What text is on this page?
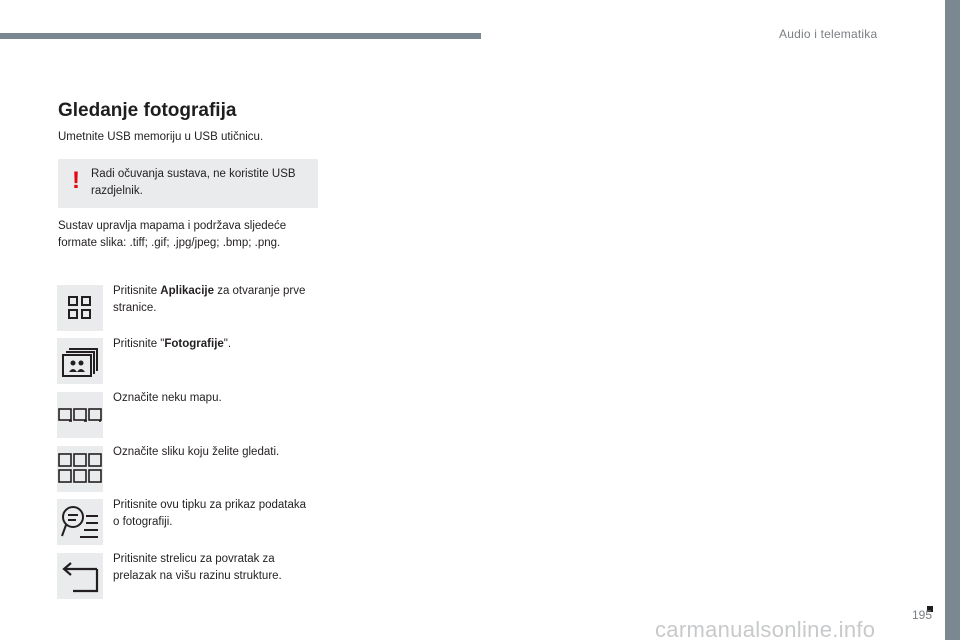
Audio i telematika
Gledanje fotografija

Umetnite USB memoriju u USB utičnicu.

! Radi očuvanja sustava, ne koristite USB razdjelnik.

Sustav upravlja mapama i podržava sljedeće formate slika: .tiff; .gif; .jpg/jpeg; .bmp; .png.

Pritisnite Aplikacije za otvaranje prve stranice.
Pritisnite "Fotografije".
Označite neku mapu.
Označite sliku koju želite gledati.
Pritisnite ovu tipku za prikaz podataka o fotografiji.
Pritisnite strelicu za povratak za prelazak na višu razinu strukture.
195
carmanualsonline.info
